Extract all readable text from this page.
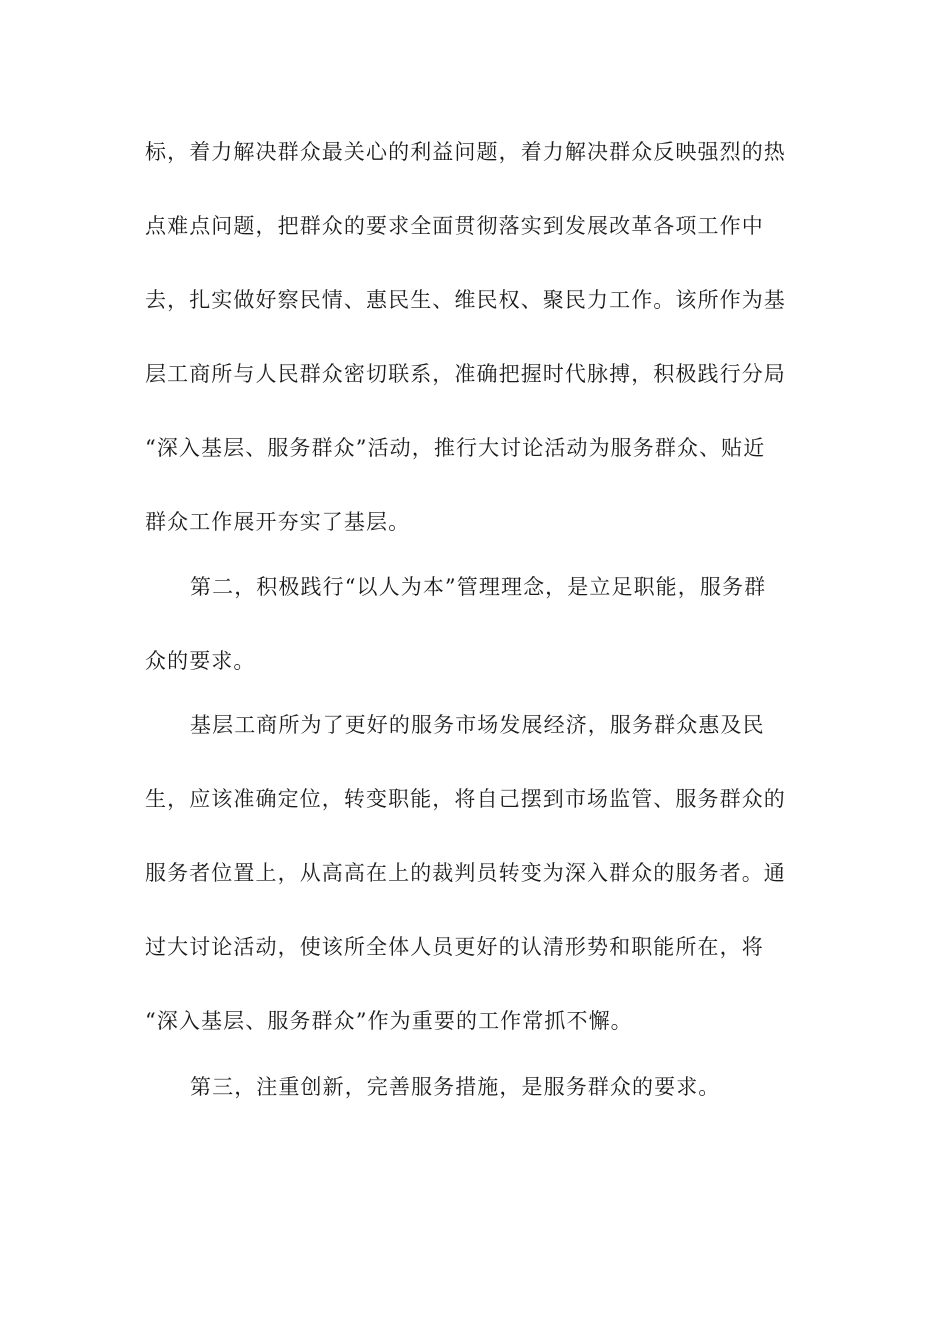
标，着力解决群众最关心的利益问题，着力解决群众反映强烈的热
点难点问题，把群众的要求全面贯彻落实到发展改革各项工作中
去，扎实做好察民情、惠民生、维民权、聚民力工作。该所作为基
层工商所与人民群众密切联系，准确把握时代脉搏，积极践行分局
“深入基层、服务群众”活动，推行大讨论活动为服务群众、贴近
群众工作展开夯实了基层。
第二，积极践行“以人为本”管理理念，是立足职能，服务群
众的要求。
基层工商所为了更好的服务市场发展经济，服务群众惠及民
生，应该准确定位，转变职能，将自己摆到市场监管、服务群众的
服务者位置上，从高高在上的裁判员转变为深入群众的服务者。通
过大讨论活动，使该所全体人员更好的认清形势和职能所在，将
“深入基层、服务群众”作为重要的工作常抓不懈。
第三，注重创新，完善服务措施，是服务群众的要求。
